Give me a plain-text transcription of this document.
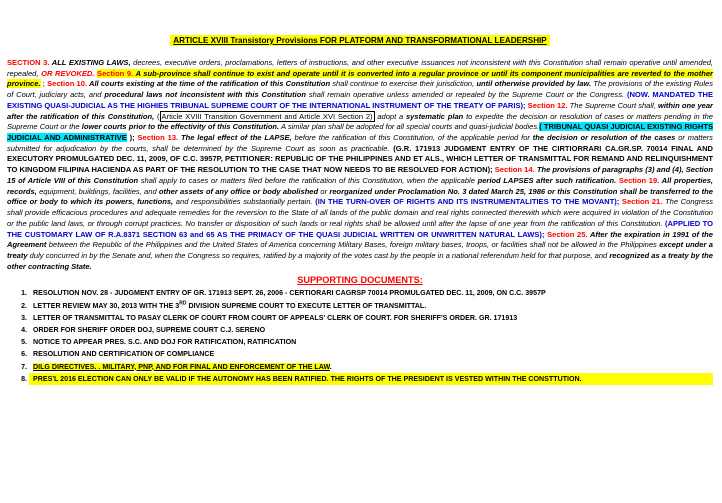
ARTICLE XVIII Transistory Provisions FOR PLATFORM AND TRANSFORMATIONAL LEADERSHIP
SECTION 3. ALL EXISTING LAWS, decrees, executive orders, proclamations, letters of instructions, and other executive issuances not inconsistent with this Constitution shall remain operative until amended, repealed, OR REVOKED. Section 9. A sub-province shall continue to exist and operate until it is converted into a regular province or until its component municipalities are reverted to the mother province. ; Section 10. All courts existing at the time of the ratification of this Constitution shall continue to exercise their jurisdiction, until otherwise provided by law. The provisions of the existing Rules of Court, judiciary acts, and procedural laws not inconsistent with this Constitution shall remain operative unless amended or repealed by the Supreme Court or the Congress. (NOW. MANDATED THE EXISTING QUASI-JUDICIAL AS THE HIGHIES TRIBUNAL SUPREME COURT OF THE INTERNATIONAL INSTRUMENT OF THE TREATY OF PARIS); Section 12. The Supreme Court shall, within one year after the ratification of this Constitution, ( Article XVIII Transition Government and Article XVI Section 2) adopt a systematic plan to expedite the decision or resolution of cases or matters pending in the Supreme Court or the lower courts prior to the effectivity of this Constitution. A similar plan shall be adopted for all special courts and quasi-judicial bodies.( TRIBUNAL QUASI JUDICIAL EXISTING RIGHTS JUDICIAL AND ADMINISTRATIVE ); Section 13. The legal effect of the LAPSE, before the ratification of this Constitution, of the applicable period for the decision or resolution of the cases or matters submitted for adjudication by the courts, shall be determined by the Supreme Court as soon as practicable. (G.R. 171913 JUDGMENT ENTRY OF THE CIRTIORRARI CA.GR.SP. 70014 FINAL AND EXECUTORY PROMULGATED DEC. 11, 2009, OF C.C. 3957P, PETITIONER: REPUBLIC OF THE PHILIPPINES AND ET ALS., WHICH LETTER OF TRANSMITTAL FOR REMAND AND RELINQUISHMENT TO KINGDOM FILIPINA HACIENDA AS PART OF THE RESOLUTION TO THE CASE THAT NOW NEEDS TO BE RESOLVED FOR ACTION); Section 14. The provisions of paragraphs (3) and (4), Section 15 of Article VIII of this Constitution shall apply to cases or matters filed before the ratification of this Constitution, when the applicable period LAPSES after such ratification. Section 19. All properties, records, equipment, buildings, facilities, and other assets of any office or body abolished or reorganized under Proclamation No. 3 dated March 25, 1986 or this Constitution shall be transferred to the office or body to which its powers, functions, and responsibilities substantially pertain. (IN THE TURN-OVER OF RIGHTS AND ITS INSTRUMENTALITIES TO THE MOVANT); Section 21. The Congress shall provide efficacious procedures and adequate remedies for the reversion to the State of all lands of the public domain and real rights connected therewith which were acquired in violation of the Constitution or the public land laws, or through corrupt practices. No transfer or disposition of such lands or real rights shall be allowed until after the lapse of one year from the ratification of this Constitution. (APPLIED TO THE CUSTOMARY LAW OF R.A.8371 SECTION 63 and 65 AS THE PRIMACY OF THE QUASI JUDICIAL WRITTEN OR UNWRITTEN NATURAL LAWS); Section 25. After the expiration in 1991 of the Agreement between the Republic of the Philippines and the United States of America concerning Military Bases, foreign military bases, troops, or facilities shall not be allowed in the Philippines except under a treaty duly concurred in by the Senate and, when the Congress so requires, ratified by a majority of the votes cast by the people in a national referendum held for that purpose, and recognized as a treaty by the other contracting State.
SUPPORTING DOCUMENTS:
1. RESOLUTION NOV. 28 - JUDGMENT ENTRY OF GR. 171913 SEPT. 26, 2006 - CERTIORARI CAGRSP 70014 PROMULGATED DEC. 11, 2009, ON C.C. 3957P
2. LETTER REVIEW MAY 30, 2013 WITH THE 3RD DIVISION SUPREME COURT TO EXECUTE LETTER OF TRANSMITTAL.
3. LETTER OF TRANSMITTAL TO PASAY CLERK OF COURT FROM COURT OF APPEALS' CLERK OF COURT. FOR SHERIFF'S ORDER. GR. 171913
4. ORDER FOR SHERIFF ORDER DOJ, SUPREME COURT C.J. SERENO
5. NOTICE TO APPEAR PRES. S.C. AND DOJ FOR RATIFICATION, RATIFICATION
6. RESOLUTION AND CERTIFICATION OF COMPLIANCE
7. DILG DIRECTIVES. . MILITARY, PNP, AND FOR FINAL AND ENFORCEMENT OF THE LAW.
8. PRES'L 2016 ELECTION CAN ONLY BE VALID IF THE AUTONOMY HAS BEEN RATIFIED. THE RIGHTS OF THE PRESIDENT IS VESTED WITHIN THE CONSTTUTION.
